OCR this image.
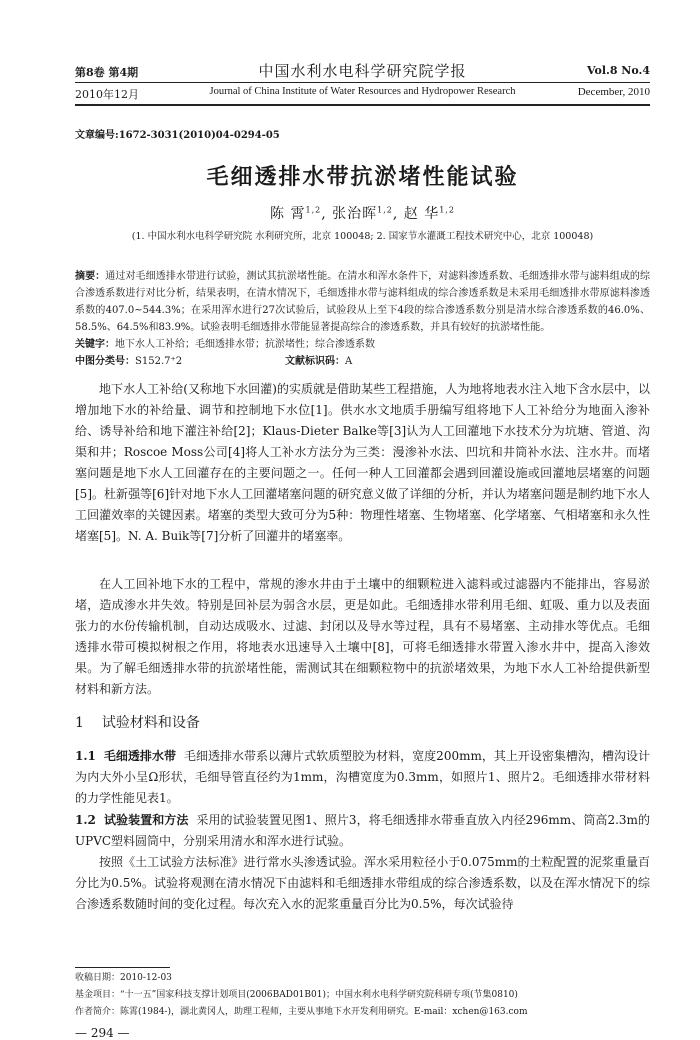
第8卷 第4期	中国水利水电科学研究院学报	Vol.8 No.4
2010年12月	Journal of China Institute of Water Resources and Hydropower Research	December, 2010
文章编号:1672-3031(2010)04-0294-05
毛细透排水带抗淤堵性能试验
陈 霄$^{1,2}$, 张治晖$^{1,2}$, 赵 华$^{1,2}$
(1. 中国水利水电科学研究院 水利研究所，北京 100048; 2. 国家节水灌溉工程技术研究中心，北京 100048)
摘要：通过对毛细透排水带进行试验，测试其抗淤堵性能。在清水和浑水条件下，对滤料渗透系数、毛细透排水带与滤料组成的综合渗透系数进行对比分析，结果表明，在清水情况下，毛细透排水带与滤料组成的综合渗透系数是未采用毛细透排水带原滤料渗透系数的407.0~544.3%；在采用浑水进行27次试验后，试验段从上至下4段的综合渗透系数分别是清水综合渗透系数的46.0%、58.5%、64.5%和83.9%。试验表明毛细透排水带能显著提高综合的渗透系数，并具有较好的抗淤堵性能。
关键字：地下水人工补给；毛细透排水带；抗淤堵性；综合渗透系数
中图分类号：S152.7⁺2	文献标识码：A

地下水人工补给(又称地下水回灌)的实质就是借助某些工程措施，人为地将地表水注入地下含水层中，以增加地下水的补给量、调节和控制地下水位[1]。供水水文地质手册编写组将地下人工补给分为地面入渗补给、诱导补给和地下灌注补给[2]；Klaus-Dieter Balke等[3]认为人工回灌地下水技术分为坑塘、管道、沟渠和井；Roscoe Moss公司[4]将人工补水方法分为三类：漫渗补水法、凹坑和井筒补水法、注水井。而堵塞问题是地下水人工回灌存在的主要问题之一。任何一种人工回灌都会遇到回灌设施或回灌地层堵塞的问题[5]。杜新强等[6]针对地下水人工回灌堵塞问题的研究意义做了详细的分析，并认为堵塞问题是制约地下水人工回灌效率的关键因素。堵塞的类型大致可分为5种：物理性堵塞、生物堵塞、化学堵塞、气相堵塞和永久性堵塞[5]。N. A. Buik等[7]分析了回灌井的堵塞率。

在人工回补地下水的工程中，常规的渗水井由于土壤中的细颗粒进入滤料或过滤器内不能排出，容易淤堵，造成渗水井失效。特别是回补层为弱含水层，更是如此。毛细透排水带利用毛细、虹吸、重力以及表面张力的水份传输机制，自动达成吸水、过滤、封闭以及导水等过程，具有不易堵塞、主动排水等优点。毛细透排水带可模拟树根之作用，将地表水迅速导入土壤中[8]，可将毛细透排水带置入渗水井中，提高入渗效果。为了解毛细透排水带的抗淤堵性能，需测试其在细颗粒物中的抗淤堵效果，为地下水人工补给提供新型材料和新方法。

1 试验材料和设备

1.1 毛细透排水带 毛细透排水带系以薄片式软质塑胶为材料，宽度200mm，其上开设密集槽沟，槽沟设计为内大外小呈Ω形状，毛细导管直径约为1mm，沟槽宽度为0.3mm，如照片1、照片2。毛细透排水带材料的力学性能见表1。

1.2 试验装置和方法 采用的试验装置见图1、照片3，将毛细透排水带垂直放入内径296mm、筒高2.3m的UPVC塑料圆筒中，分别采用清水和浑水进行试验。

按照《土工试验方法标准》进行常水头渗透试验。浑水采用粒径小于0.075mm的土粒配置的泥浆重量百分比为0.5%。试验将观测在清水情况下由滤料和毛细透排水带组成的综合渗透系数，以及在浑水情况下的综合渗透系数随时间的变化过程。每次充入水的泥浆重量百分比为0.5%，每次试验待

收稿日期：2010-12-03
基金项目：“十一五”国家科技支撑计划项目(2006BAD01B01)；中国水利水电科学研究院科研专项(节集0810)
作者简介：陈霄(1984-)，湖北黄冈人，助理工程师，主要从事地下水开发利用研究。E-mail：xchen@163.com
— 294 —
